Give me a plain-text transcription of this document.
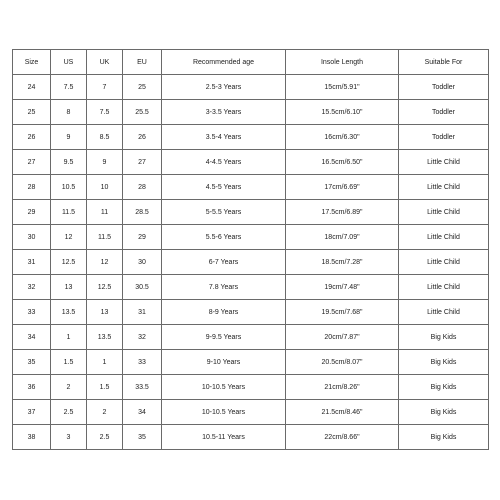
Size	US	UK	EU	Recommended age	Insole Length	Suitable For
24	7.5	7	25	2.5-3 Years	15cm/5.91"	Toddler
25	8	7.5	25.5	3-3.5 Years	15.5cm/6.10"	Toddler
26	9	8.5	26	3.5-4 Years	16cm/6.30"	Toddler
27	9.5	9	27	4-4.5 Years	16.5cm/6.50"	Little Child
28	10.5	10	28	4.5-5 Years	17cm/6.69"	Little Child
29	11.5	11	28.5	5-5.5 Years	17.5cm/6.89"	Little Child
30	12	11.5	29	5.5-6 Years	18cm/7.09"	Little Child
31	12.5	12	30	6-7 Years	18.5cm/7.28"	Little Child
32	13	12.5	30.5	7.8 Years	19cm/7.48"	Little Child
33	13.5	13	31	8-9 Years	19.5cm/7.68"	Little Child
34	1	13.5	32	9-9.5 Years	20cm/7.87"	Big Kids
35	1.5	1	33	9-10 Years	20.5cm/8.07"	Big Kids
36	2	1.5	33.5	10-10.5 Years	21cm/8.26"	Big Kids
37	2.5	2	34	10-10.5 Years	21.5cm/8.46"	Big Kids
38	3	2.5	35	10.5-11 Years	22cm/8.66"	Big Kids
